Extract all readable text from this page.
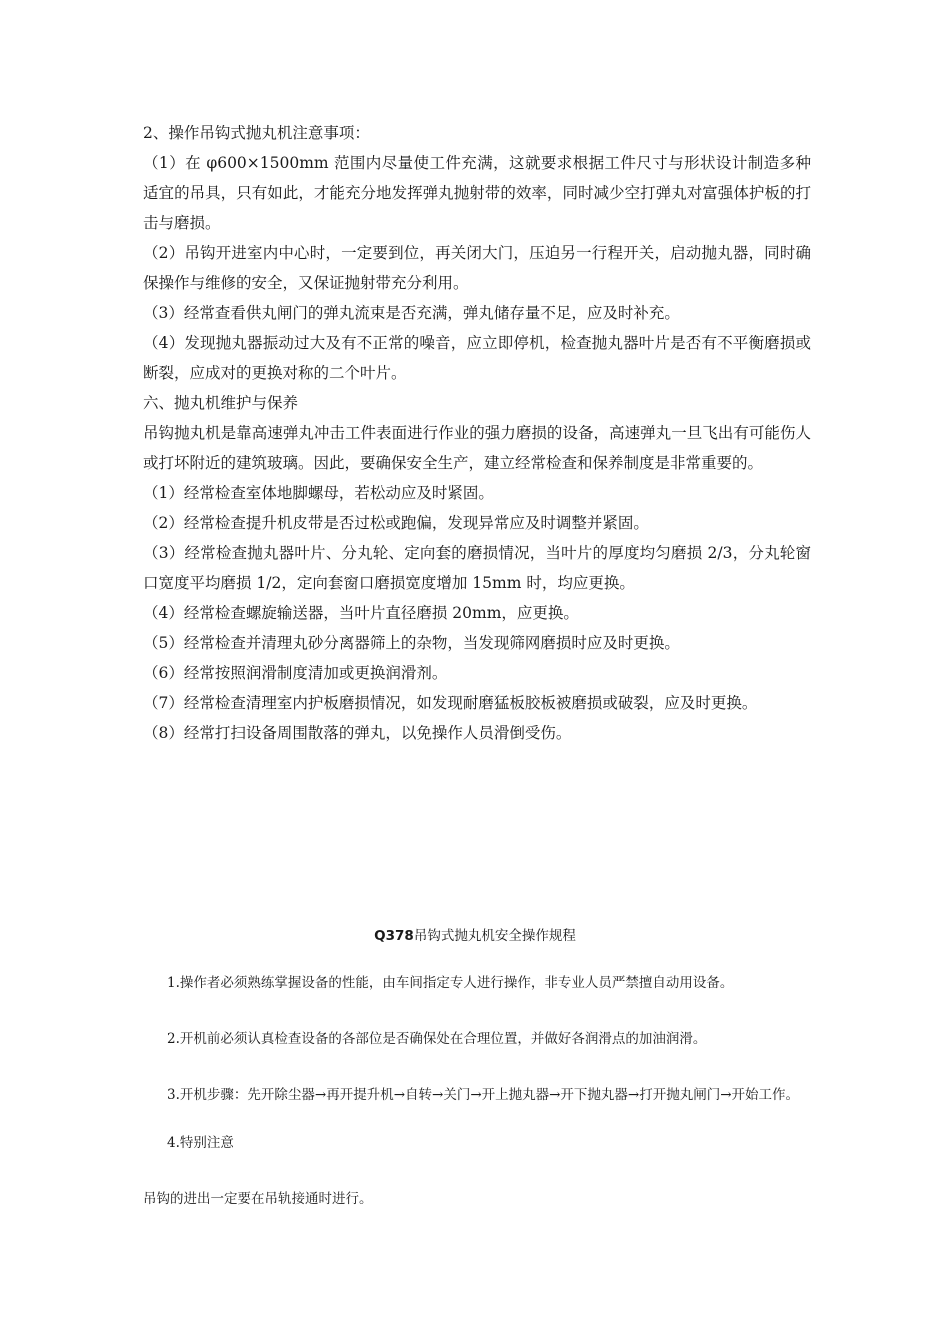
2、操作吊钩式抛丸机注意事项：

（1）在 φ600×1500mm 范围内尽量使工件充满，这就要求根据工件尺寸与形状设计制造多种适宜的吊具，只有如此，才能充分地发挥弹丸抛射带的效率，同时减少空打弹丸对富强体护板的打击与磨损。

（2）吊钩开进室内中心时，一定要到位，再关闭大门，压迫另一行程开关，启动抛丸器，同时确保操作与维修的安全，又保证抛射带充分利用。

（3）经常查看供丸闸门的弹丸流束是否充满，弹丸储存量不足，应及时补充。

（4）发现抛丸器振动过大及有不正常的噪音，应立即停机，检查抛丸器叶片是否有不平衡磨损或断裂，应成对的更换对称的二个叶片。

六、抛丸机维护与保养

吊钩抛丸机是靠高速弹丸冲击工件表面进行作业的强力磨损的设备，高速弹丸一旦飞出有可能伤人或打坏附近的建筑玻璃。因此，要确保安全生产，建立经常检查和保养制度是非常重要的。

（1）经常检查室体地脚螺母，若松动应及时紧固。

（2）经常检查提升机皮带是否过松或跑偏，发现异常应及时调整并紧固。

（3）经常检查抛丸器叶片、分丸轮、定向套的磨损情况，当叶片的厚度均匀磨损 2/3，分丸轮窗口宽度平均磨损 1/2，定向套窗口磨损宽度增加 15mm 时，均应更换。

（4）经常检查螺旋输送器，当叶片直径磨损 20mm，应更换。

（5）经常检查并清理丸砂分离器筛上的杂物，当发现筛网磨损时应及时更换。

（6）经常按照润滑制度清加或更换润滑剂。

（7）经常检查清理室内护板磨损情况，如发现耐磨猛板胶板被磨损或破裂，应及时更换。

（8）经常打扫设备周围散落的弹丸，以免操作人员滑倒受伤。

Q378吊钩式抛丸机安全操作规程

1.操作者必须熟练掌握设备的性能，由车间指定专人进行操作，非专业人员严禁擅自动用设备。

2.开机前必须认真检查设备的各部位是否确保处在合理位置，并做好各润滑点的加油润滑。

3.开机步骤：先开除尘器→再开提升机→自转→关门→开上抛丸器→开下抛丸器→打开抛丸闸门→开始工作。

4.特别注意

吊钩的进出一定要在吊轨接通时进行。
